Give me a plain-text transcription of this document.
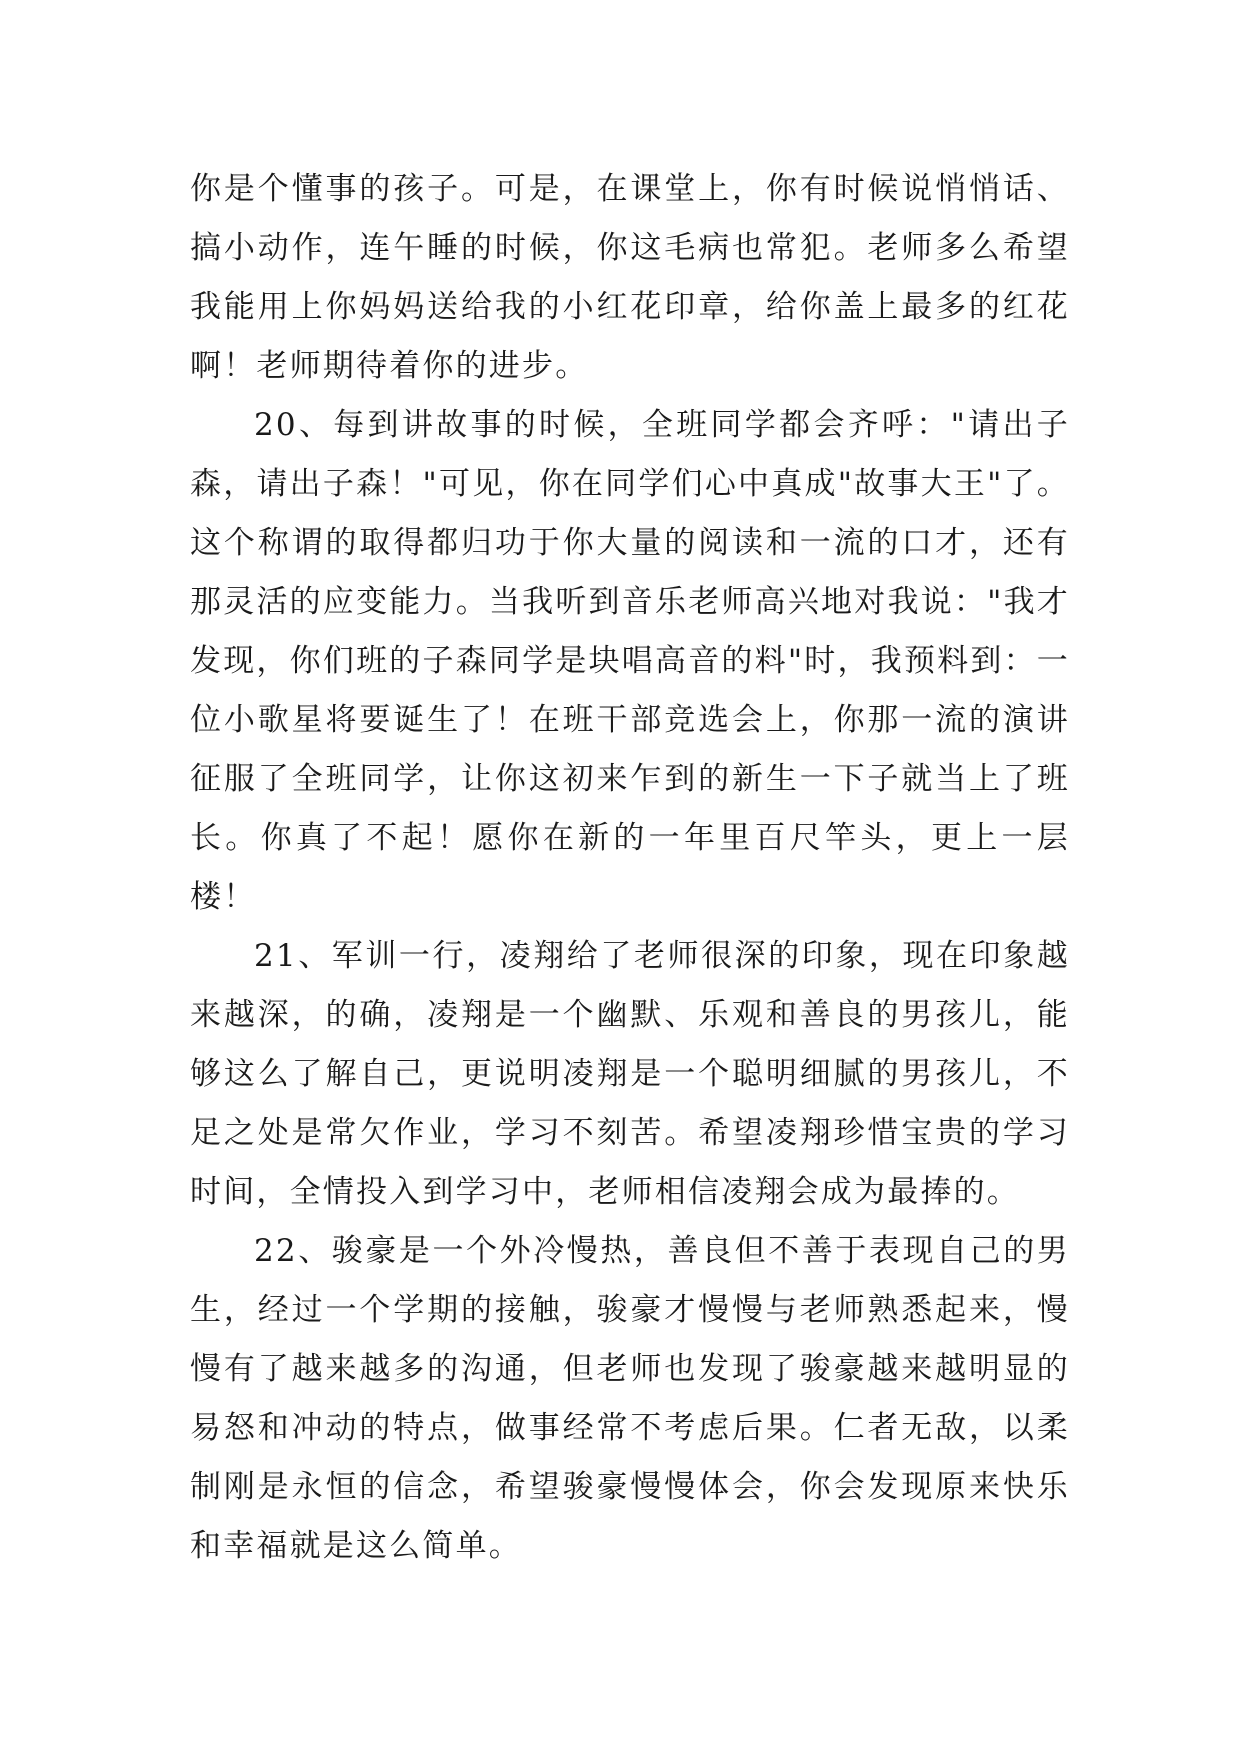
你是个懂事的孩子。可是，在课堂上，你有时候说悄悄话、搞小动作，连午睡的时候，你这毛病也常犯。老师多么希望我能用上你妈妈送给我的小红花印章，给你盖上最多的红花啊！老师期待着你的进步。

20、每到讲故事的时候，全班同学都会齐呼："请出子森，请出子森！"可见，你在同学们心中真成"故事大王"了。这个称谓的取得都归功于你大量的阅读和一流的口才，还有那灵活的应变能力。当我听到音乐老师高兴地对我说："我才发现，你们班的子森同学是块唱高音的料"时，我预料到：一位小歌星将要诞生了！在班干部竞选会上，你那一流的演讲征服了全班同学，让你这初来乍到的新生一下子就当上了班长。你真了不起！愿你在新的一年里百尺竿头，更上一层楼！

21、军训一行，凌翔给了老师很深的印象，现在印象越来越深，的确，凌翔是一个幽默、乐观和善良的男孩儿，能够这么了解自己，更说明凌翔是一个聪明细腻的男孩儿，不足之处是常欠作业，学习不刻苦。希望凌翔珍惜宝贵的学习时间，全情投入到学习中，老师相信凌翔会成为最捧的。

22、骏豪是一个外冷慢热，善良但不善于表现自己的男生，经过一个学期的接触，骏豪才慢慢与老师熟悉起来，慢慢有了越来越多的沟通，但老师也发现了骏豪越来越明显的易怒和冲动的特点，做事经常不考虑后果。仁者无敌，以柔制刚是永恒的信念，希望骏豪慢慢体会，你会发现原来快乐和幸福就是这么简单。
